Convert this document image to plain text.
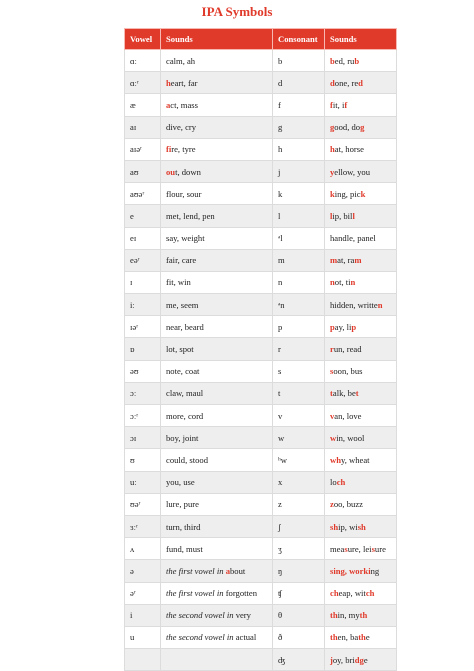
IPA Symbols
Vowel	Sounds	Consonant	Sounds
ɑː	calm, ah	b	bed, rub
ɑːʳ	heart, far	d	done, red
æ	act, mass	f	fit, if
aɪ	dive, cry	g	good, dog
aɪəʳ	fire, tyre	h	hat, horse
aʊ	out, down	j	yellow, you
aʊəʳ	flour, sour	k	king, pick
e	met, lend, pen	l	lip, bill
eɪ	say, weight	ᵊl	handle, panel
eəʳ	fair, care	m	mat, ram
ɪ	fit, win	n	not, tin
iː	me, seem	ᵊn	hidden, written
ɪəʳ	near, beard	p	pay, lip
ɒ	lot, spot	r	run, read
əʊ	note, coat	s	soon, bus
ɔː	claw, maul	t	talk, bet
ɔːʳ	more, cord	v	van, love
ɔɪ	boy, joint	w	win, wool
ʊ	could, stood	ʰw	why, wheat
uː	you, use	x	loch
ʊəʳ	lure, pure	z	zoo, buzz
ɜːʳ	turn, third	ʃ	ship, wish
ʌ	fund, must	ʒ	measure, leisure
ə	the first vowel in about	ŋ	sing, working
əʳ	the first vowel in forgotten	ʧ	cheap, witch
i	the second vowel in very	θ	thin, myth
u	the second vowel in actual	ð	then, bathe
		ʤ	joy, bridge
